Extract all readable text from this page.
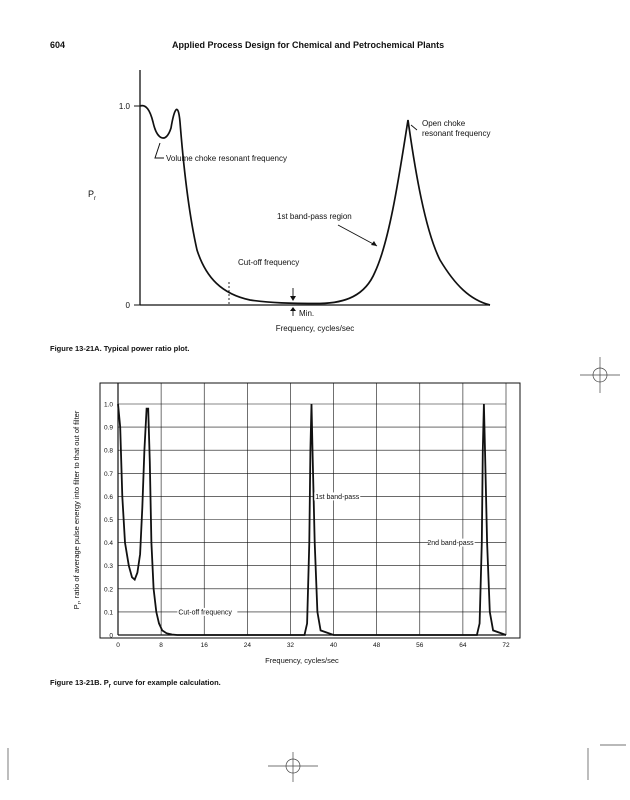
604	Applied Process Design for Chemical and Petrochemical Plants
1.0
0
$P_r$
Volume choke resonant frequency
Open choke
resonant frequency
1st band-pass region
Cut-off frequency
Min.
Frequency, cycles/sec
Figure 13-21A. Typical power ratio plot.
0
0.1
0.2
0.3
0.4
0.5
0.6
0.7
0.8
0.9
1.0
0	8	16	24	32	40	48	56	64	72
Cut-off frequency
1st band-pass
2nd band-pass
Frequency, cycles/sec
$P_r$, ratio of average pulse energy into filter to that out of filter
Figure 13-21B. $P_r$ curve for example calculation.
